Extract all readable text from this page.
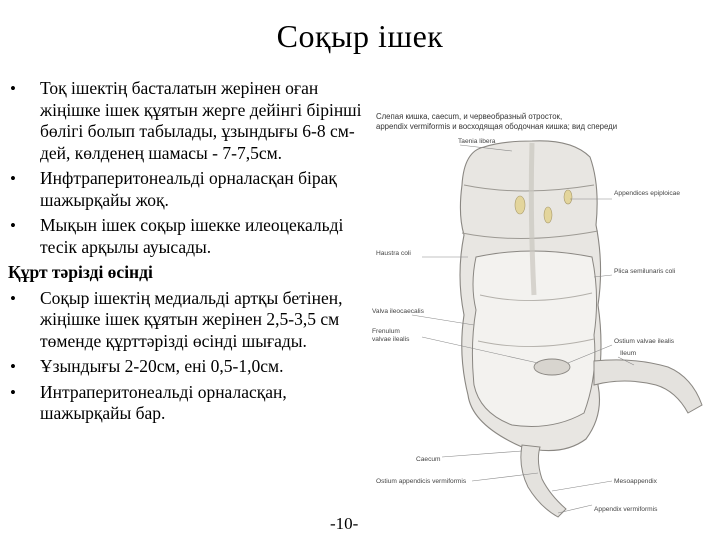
Соқыр ішек
• Тоқ ішектің басталатын жерінен оған жіңішке ішек құятын жерге дейінгі бірінші бөлігі болып табылады, ұзындығы 6-8 см-дей, көлденең шамасы - 7-7,5см.
• Инфтраперитонеальді орналасқан бірақ шажырқайы жоқ.
• Мықын ішек соқыр ішекке илеоцекальді тесік арқылы ауысады.
Құрт тәрізді өсінді
• Соқыр ішектің медиальді артқы бетінен, жіңішке ішек құятын жерінен 2,5-3,5 см төменде құрттәрізді өсінді шығады.
• Ұзындығы 2-20см, ені 0,5-1,0см.
• Интраперитонеальді орналасқан, шажырқайы бар.
-10-
Слепая кишка, caecum, и червеобразный отросток,
appendix vermiformis и восходящая ободочная кишка; вид спереди
Taenia libera
Appendices epiploicae
Haustra coli
Plica semilunaris coli
Valva ileocaecalis
Frenulum
valvae ilealis	Ostium valvae ilealis
Ileum
Caecum
Ostium appendicis vermiformis	Mesoappendix
Appendix vermiformis
